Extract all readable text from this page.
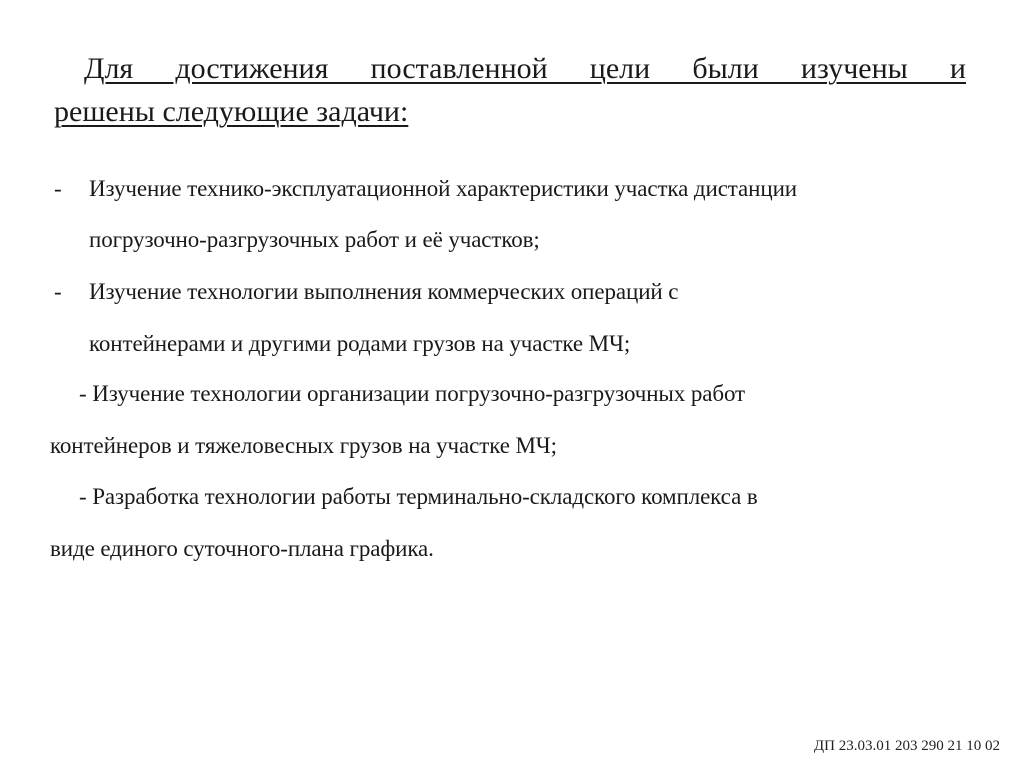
Для достижения поставленной цели были изучены и
решены следующие задачи:
- Изучение технико-эксплуатационной характеристики участка дистанции
погрузочно-разгрузочных работ и её участков;
- Изучение технологии выполнения коммерческих операций с
контейнерами и другими родами грузов на участке МЧ;
- Изучение технологии организации погрузочно-разгрузочных работ
контейнеров и тяжеловесных грузов на участке МЧ;
- Разработка технологии работы терминально-складского комплекса в
виде единого суточного-плана графика.
ДП 23.03.01 203 290 21 10 02
